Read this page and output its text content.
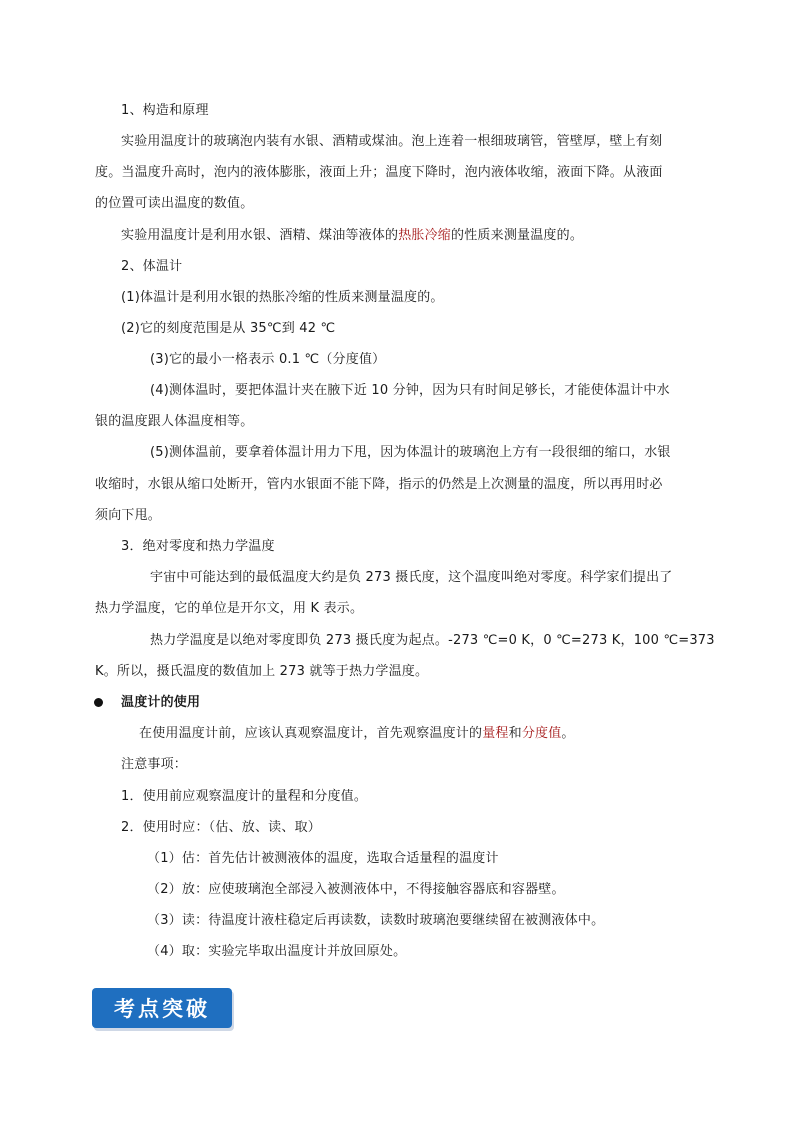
1、构造和原理
实验用温度计的玻璃泡内装有水银、酒精或煤油。泡上连着一根细玻璃管，管壁厚，壁上有刻
度。当温度升高时，泡内的液体膨胀，液面上升；温度下降时，泡内液体收缩，液面下降。从液面
的位置可读出温度的数值。
实验用温度计是利用水银、酒精、煤油等液体的热胀冷缩的性质来测量温度的。
2、体温计
(1)体温计是利用水银的热胀冷缩的性质来测量温度的。
(2)它的刻度范围是从 35℃到 42 ℃
(3)它的最小一格表示 0.1 ℃（分度值）
(4)测体温时，要把体温计夹在腋下近 10 分钟，因为只有时间足够长，才能使体温计中水
银的温度跟人体温度相等。
(5)测体温前，要拿着体温计用力下甩，因为体温计的玻璃泡上方有一段很细的缩口，水银
收缩时，水银从缩口处断开，管内水银面不能下降，指示的仍然是上次测量的温度，所以再用时必
须向下甩。
3．绝对零度和热力学温度
宇宙中可能达到的最低温度大约是负 273 摄氏度，这个温度叫绝对零度。科学家们提出了
热力学温度，它的单位是开尔文，用 K 表示。
热力学温度是以绝对零度即负 273 摄氏度为起点。-273 ℃=0 K，0 ℃=273 K，100 ℃=373
K。所以，摄氏温度的数值加上 273 就等于热力学温度。
温度计的使用
在使用温度计前，应该认真观察温度计，首先观察温度计的量程和分度值。
注意事项：
1．使用前应观察温度计的量程和分度值。
2．使用时应：（估、放、读、取）
（1）估：首先估计被测液体的温度，选取合适量程的温度计
（2）放：应使玻璃泡全部浸入被测液体中，不得接触容器底和容器壁。
（3）读：待温度计液柱稳定后再读数，读数时玻璃泡要继续留在被测液体中。
（4）取：实验完毕取出温度计并放回原处。
考点突破
